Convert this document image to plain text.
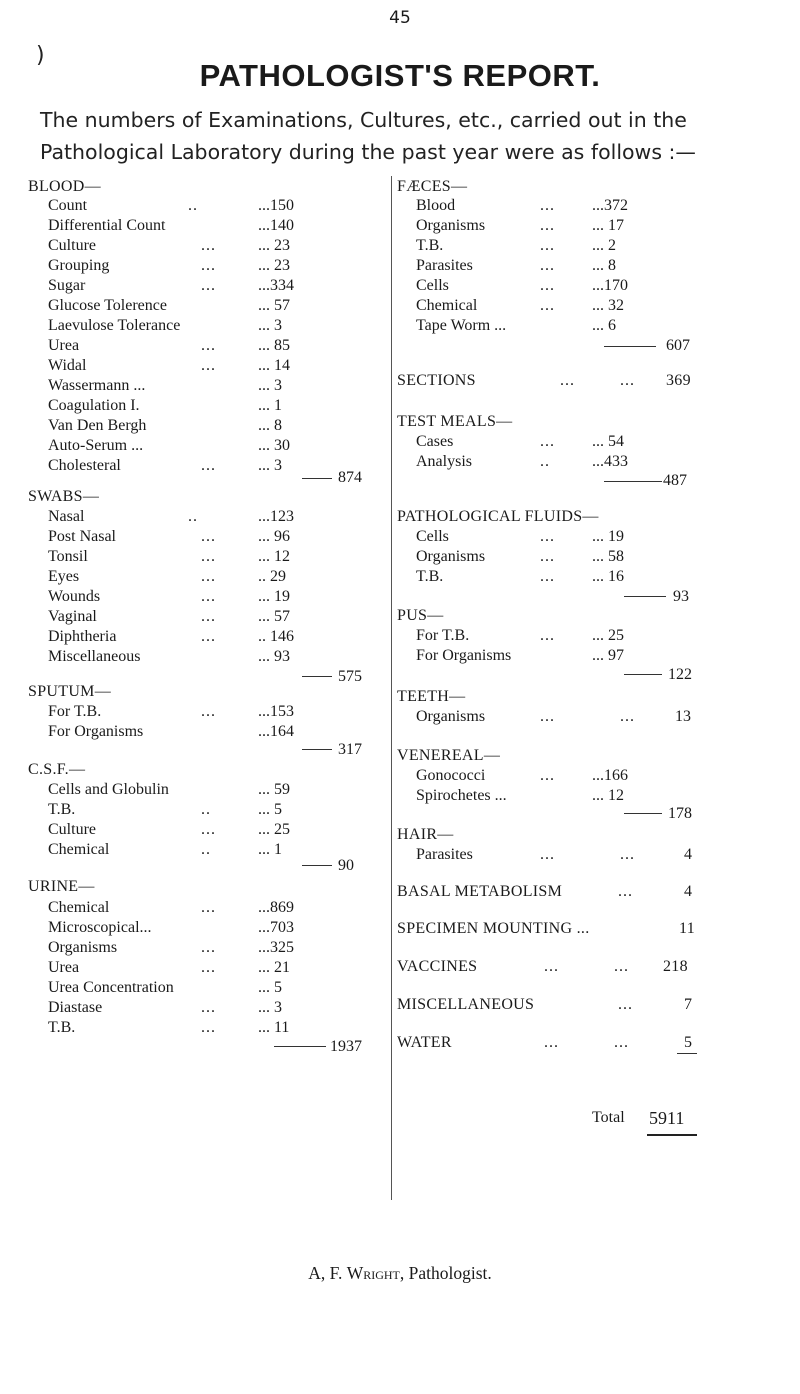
45
)
PATHOLOGIST'S REPORT.
The numbers of Examinations, Cultures, etc., carried out in the
Pathological Laboratory during the past year were as follows :—
BLOOD—
Count	..	...150
Differential Count	...140
Culture	...	... 23
Grouping	...	... 23
Sugar	...	...334
Glucose Tolerence	... 57
Laevulose Tolerance	... 3
Urea	...	... 85
Widal	...	... 14
Wassermann ...	... 3
Coagulation I.	... 1
Van Den Bergh	... 8
Auto-Serum ...	... 30
Cholesteral	...	... 3
874
SWABS—
Nasal	..	...123
Post Nasal	...	... 96
Tonsil	...	... 12
Eyes	...	.. 29
Wounds	...	... 19
Vaginal	...	... 57
Diphtheria	...	.. 146
Miscellaneous	... 93
575
SPUTUM—
For T.B.	...	...153
For Organisms	...164
317
C.S.F.—
Cells and Globulin	... 59
T.B.	..	... 5
Culture	...	... 25
Chemical	..	... 1
90
URINE—
Chemical	...	...869
Microscopical...	...703
Organisms	...	...325
Urea	...	... 21
Urea Concentration	... 5
Diastase	...	... 3
T.B.	...	... 11
1937
FÆCES—
Blood	... ...372
Organisms	... ... 17
T.B.	... ... 2
Parasites	... ... 8
Cells	... ...170
Chemical	... ... 32
Tape Worm ...	... 6
607
SECTIONS	...	... 369
TEST MEALS—
Cases	... ... 54
Analysis	..	...433
487
PATHOLOGICAL FLUIDS—
Cells	... ... 19
Organisms	... ... 58
T.B.	... ... 16
93
PUS—
For T.B.	... ... 25
For Organisms	... 97
122
TEETH—
Organisms	...	...	13
VENEREAL—
Gonococci	... ...166
Spirochetes ...	... 12
178
HAIR—
Parasites	...	...	4
BASAL METABOLISM	...	4
SPECIMEN MOUNTING ...	11
VACCINES	...	... 218
MISCELLANEOUS	...	7
WATER	...	...	5
Total 5911
A, F. Wright, Pathologist.
